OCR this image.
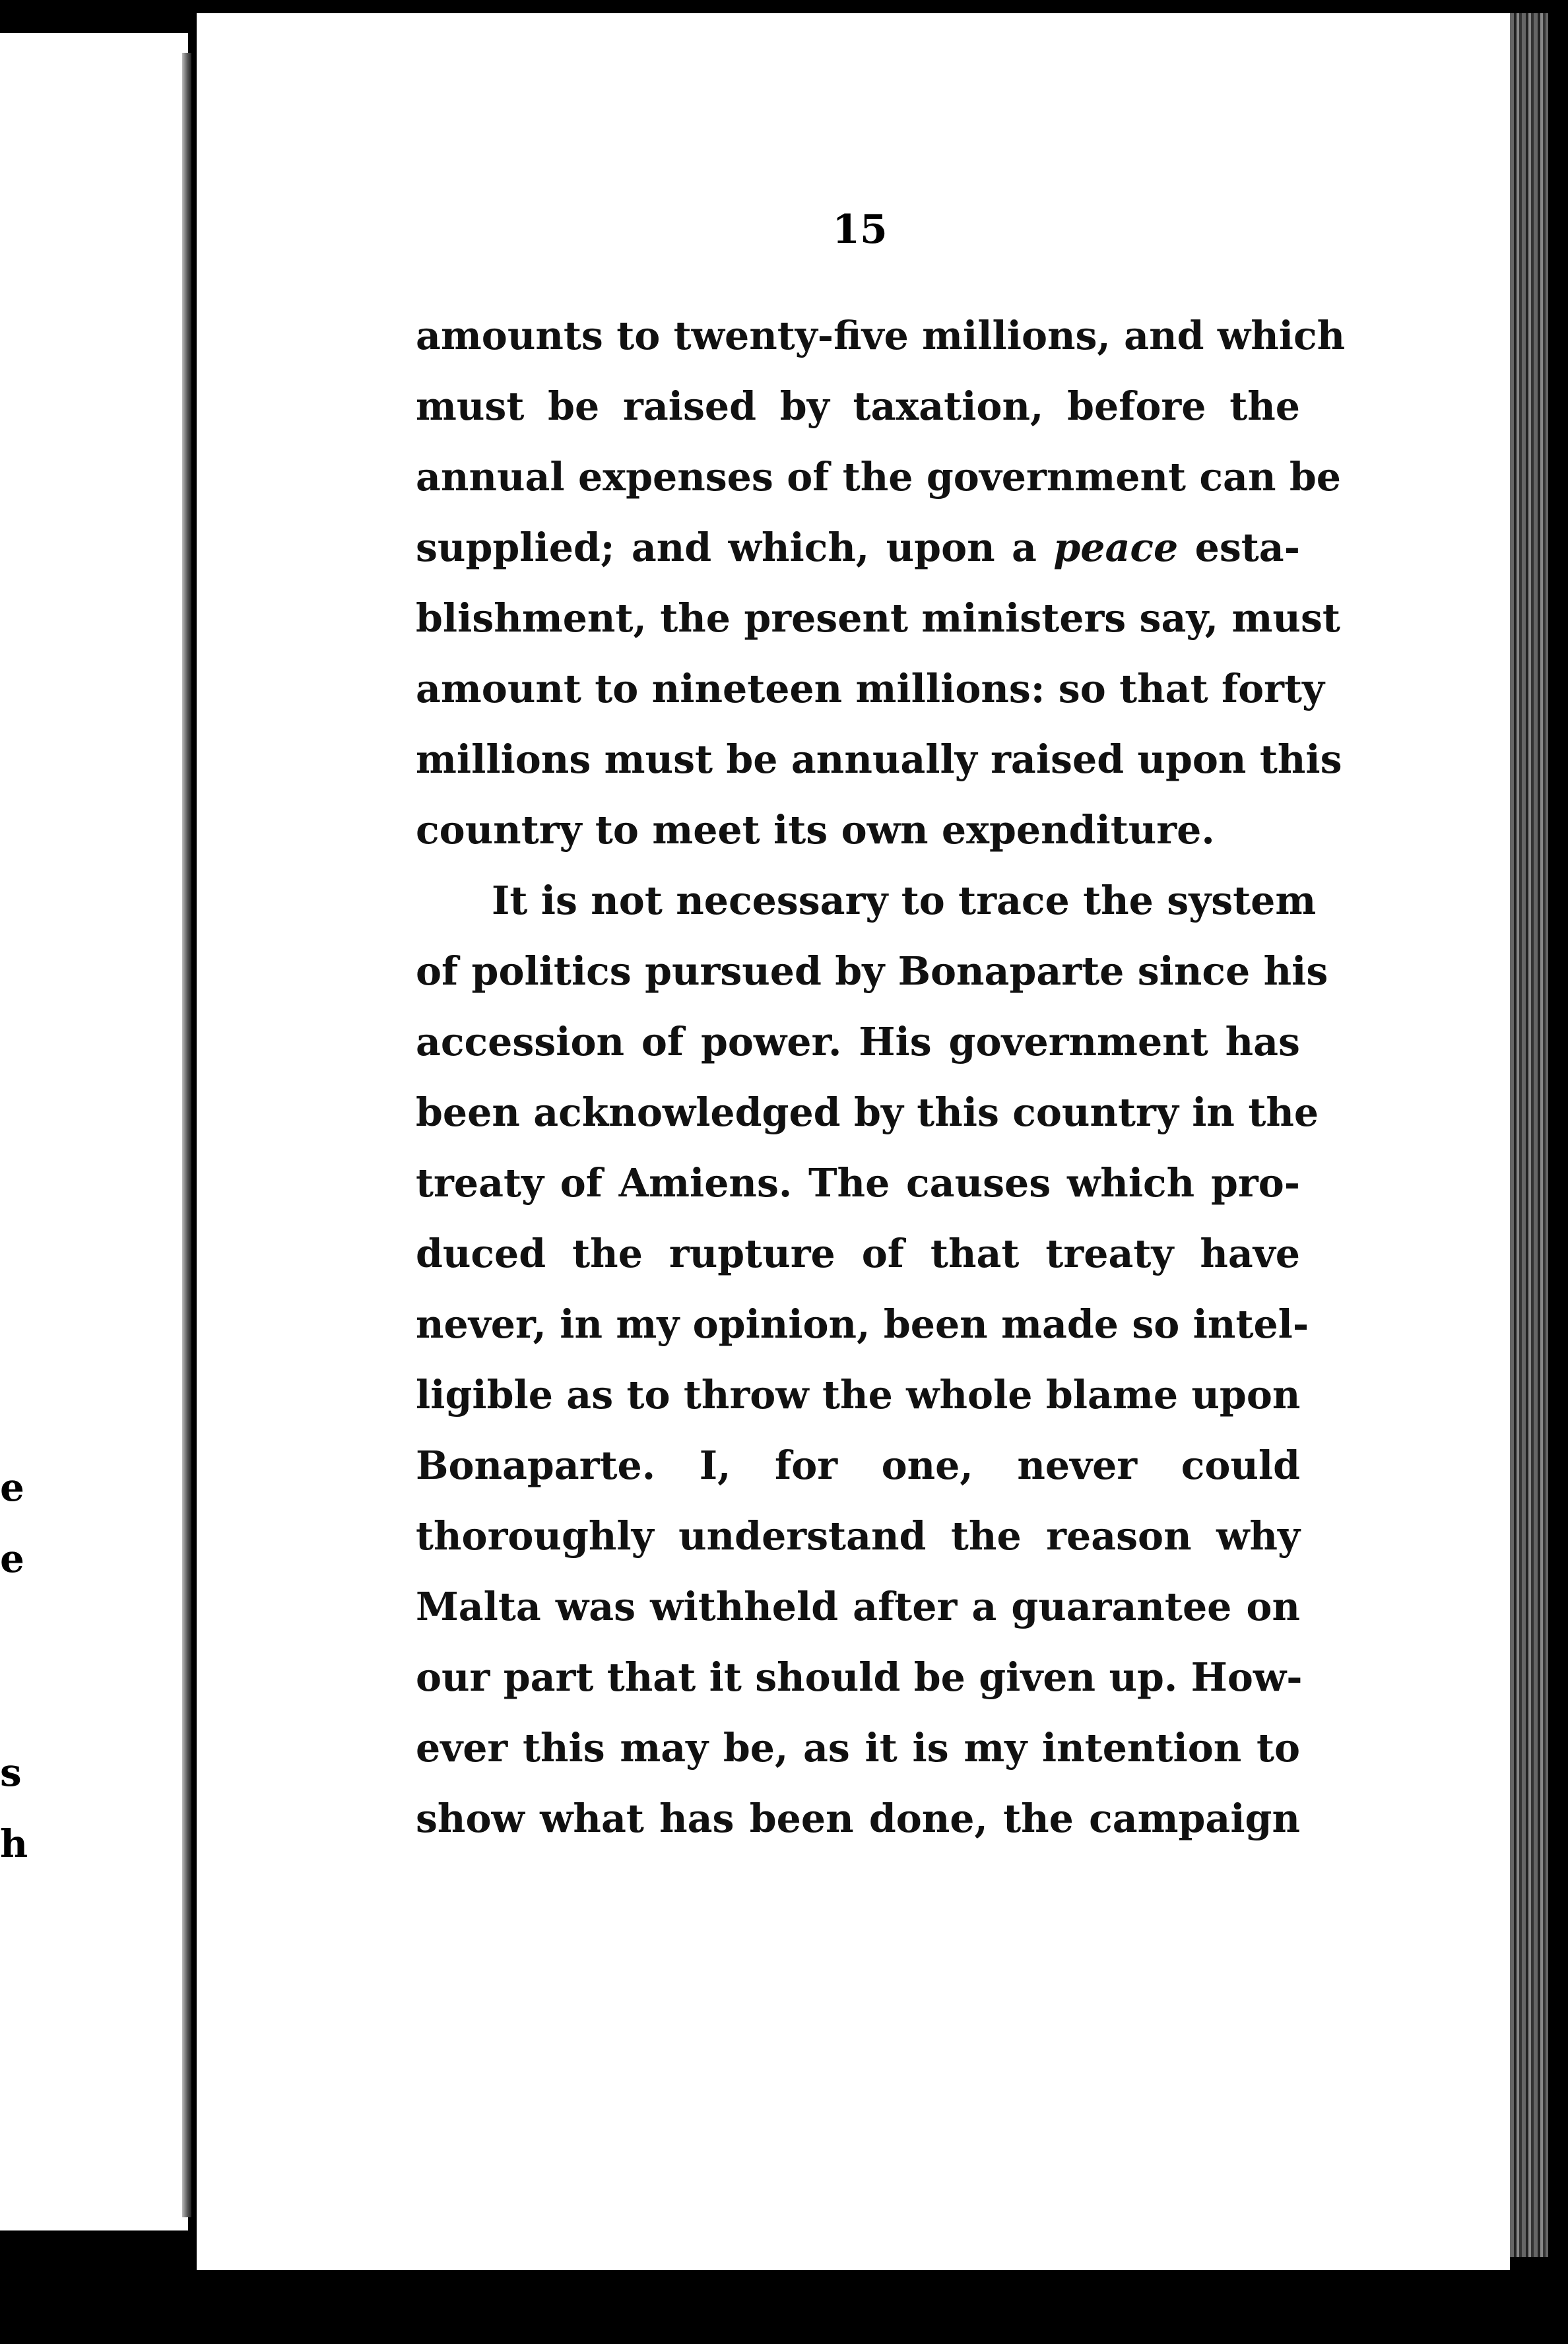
e
e
s
h
15
amounts to twenty-five millions, and which
must be raised by taxation, before the
annual expenses of the government can be
supplied; and which, upon a peace esta-
blishment, the present ministers say, must
amount to nineteen millions: so that forty
millions must be annually raised upon this
country to meet its own expenditure.
It is not necessary to trace the system
of politics pursued by Bonaparte since his
accession of power. His government has
been acknowledged by this country in the
treaty of Amiens. The causes which pro-
duced the rupture of that treaty have
never, in my opinion, been made so intel-
ligible as to throw the whole blame upon
Bonaparte. I, for one, never could
thoroughly understand the reason why
Malta was withheld after a guarantee on
our part that it should be given up. How-
ever this may be, as it is my intention to
show what has been done, the campaign
